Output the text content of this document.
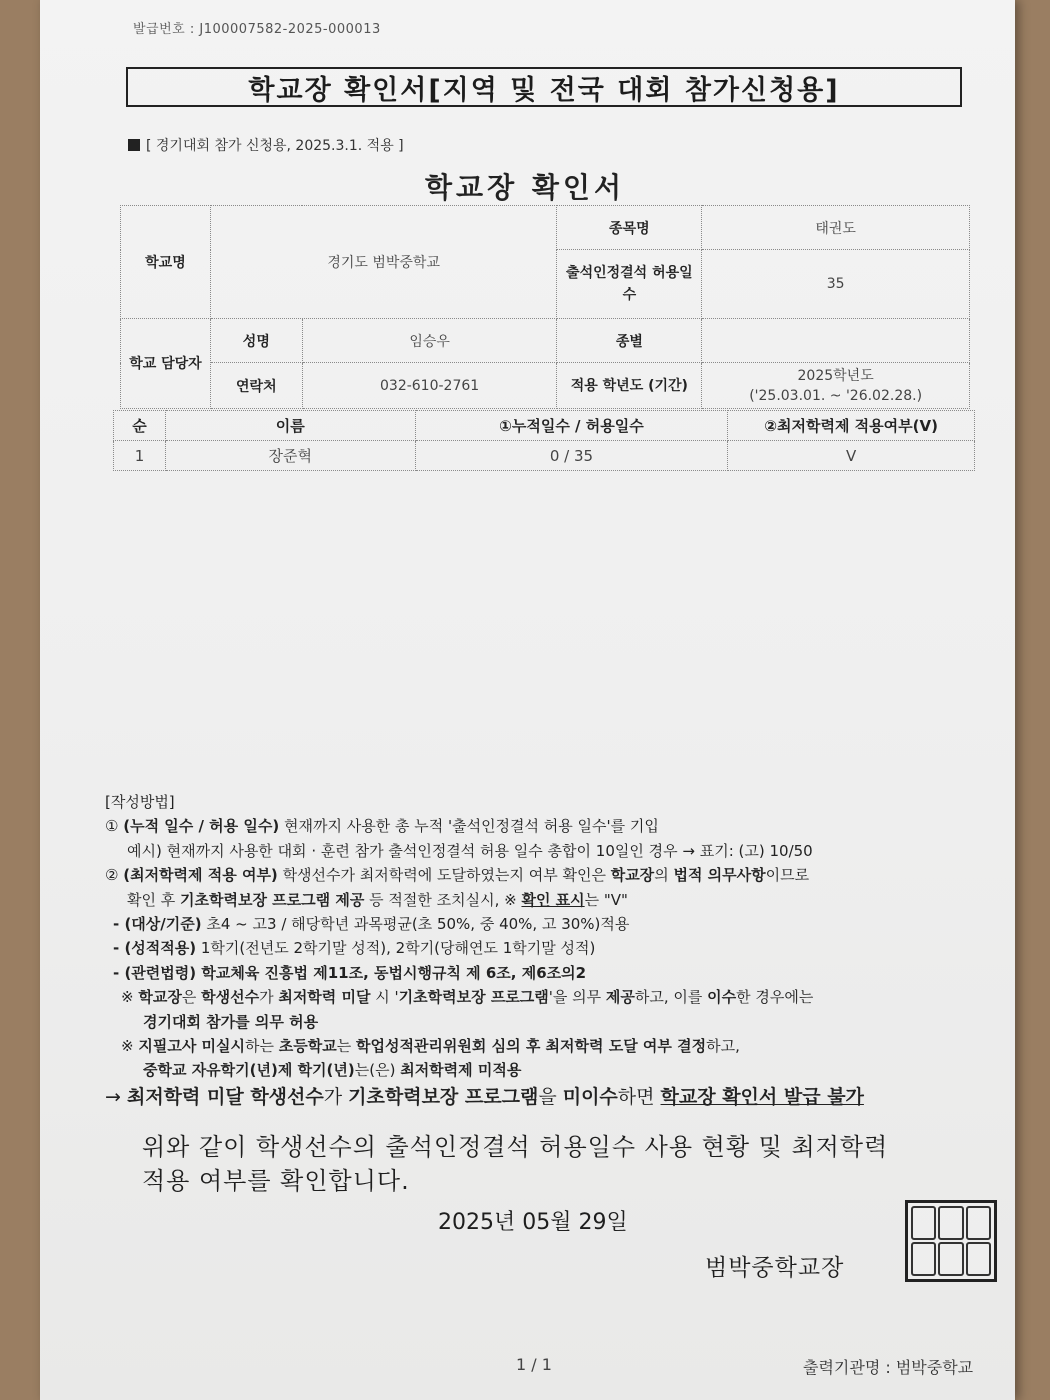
발급번호 : J100007582-2025-000013
학교장 확인서[지역 및 전국 대회 참가신청용]
[ 경기대회 참가 신청용, 2025.3.1. 적용 ]
학교장 확인서
학교명	경기도 범박중학교		종목명	태권도
			출석인정결석 허용일수	35
학교 담당자	성명	임승우	종별	
	연락처	032-610-2761	적용 학년도 (기간)	2025학년도
('25.03.01. ~ '26.02.28.)
순	이름	①누적일수 / 허용일수	②최저학력제 적용여부(V)
1	장준혁	0 / 35	V
[작성방법]
① (누적 일수 / 허용 일수) 현재까지 사용한 총 누적 '출석인정결석 허용 일수'를 기입
예시) 현재까지 사용한 대회 · 훈련 참가 출석인정결석 허용 일수 총합이 10일인 경우 → 표기: (고) 10/50
② (최저학력제 적용 여부) 학생선수가 최저학력에 도달하였는지 여부 확인은 학교장의 법적 의무사항이므로
확인 후 기초학력보장 프로그램 제공 등 적절한 조치실시, ※ 확인 표시는 "V"
- (대상/기준) 초4 ~ 고3 / 해당학년 과목평균(초 50%, 중 40%, 고 30%)적용
- (성적적용) 1학기(전년도 2학기말 성적), 2학기(당해연도 1학기말 성적)
- (관련법령) 학교체육 진흥법 제11조, 동법시행규칙 제 6조, 제6조의2
※ 학교장은 학생선수가 최저학력 미달 시 '기초학력보장 프로그램'을 의무 제공하고, 이를 이수한 경우에는
경기대회 참가를 의무 허용
※ 지필고사 미실시하는 초등학교는 학업성적관리위원회 심의 후 최저학력 도달 여부 결정하고,
중학교 자유학기(년)제 학기(년)는(은) 최저학력제 미적용
→ 최저학력 미달 학생선수가 기초학력보장 프로그램을 미이수하면 학교장 확인서 발급 불가
위와 같이 학생선수의 출석인정결석 허용일수 사용 현황 및 최저학력
적용 여부를 확인합니다.
2025년 05월 29일
범박중학교장
1 / 1	출력기관명 : 범박중학교
